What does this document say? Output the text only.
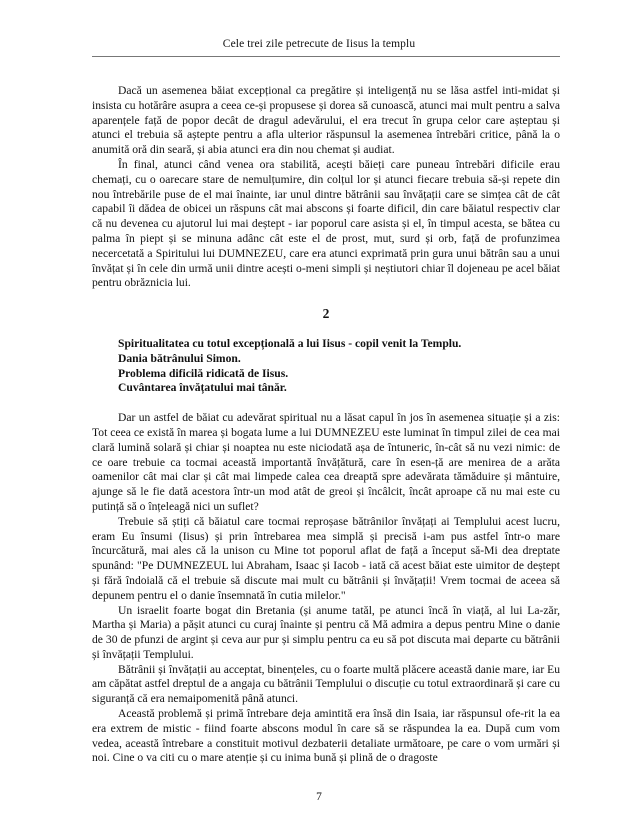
Cele trei zile petrecute de Iisus la templu

Dacă un asemenea băiat excepțional ca pregătire și inteligență nu se lăsa astfel inti-midat și insista cu hotărâre asupra a ceea ce-și propusese și dorea să cunoască, atunci mai mult pentru a salva aparențele față de popor decât de dragul adevărului, el era trecut în grupa celor care așteptau și atunci el trebuia să aștepte pentru a afla ulterior răspunsul la asemenea întrebări critice, până la o anumită oră din seară, și abia atunci era din nou chemat și audiat.

În final, atunci când venea ora stabilită, acești băieți care puneau întrebări dificile erau chemați, cu o oarecare stare de nemulțumire, din colțul lor și atunci fiecare trebuia să-și repete din nou întrebările puse de el mai înainte, iar unul dintre bătrânii sau învățații care se simțea cât de cât capabil îi dădea de obicei un răspuns cât mai abscons și foarte dificil, din care băiatul respectiv clar că nu devenea cu ajutorul lui mai deștept - iar poporul care asista și el, în timpul acesta, se bătea cu palma în piept și se minuna adânc cât este el de prost, mut, surd și orb, față de profunzimea necercetată a Spiritului lui DUMNEZEU, care era atunci exprimată prin gura unui bătrân sau a unui învățat și în cele din urmă unii dintre acești o-meni simpli și neștiutori chiar îl dojeneau pe acel băiat pentru obrăznicia lui.

2
Spiritualitatea cu totul excepțională a lui Iisus - copil venit la Templu.
Dania bătrânului Simon.
Problema dificilă ridicată de Iisus.
Cuvântarea învățatului mai tânăr.

Dar un astfel de băiat cu adevărat spiritual nu a lăsat capul în jos în asemenea situație și a zis: Tot ceea ce există în marea și bogata lume a lui DUMNEZEU este luminat în timpul zilei de cea mai clară lumină solară și chiar și noaptea nu este niciodată așa de întuneric, în-cât să nu vezi nimic: de ce oare trebuie ca tocmai această importantă învățătură, care în esen-ță are menirea de a arăta oamenilor cât mai clar și cât mai limpede calea cea dreaptă spre adevărata tămăduire și mântuire, ajunge să le fie dată acestora într-un mod atât de greoi și încâlcit, încât aproape că nu mai este cu putință să o înțeleagă nici un suflet?

Trebuie să știți că băiatul care tocmai reproșase bătrânilor învățați ai Templului acest lucru, eram Eu însumi (Iisus) și prin întrebarea mea simplă și precisă i-am pus astfel într-o mare încurcătură, mai ales că la unison cu Mine tot poporul aflat de față a început să-Mi dea dreptate spunând: "Pe DUMNEZEUL lui Abraham, Isaac și Iacob - iată că acest băiat este uimitor de deștept și fără îndoială că el trebuie să discute mai mult cu bătrânii și învățații! Vrem tocmai de aceea să depunem pentru el o danie însemnată în cutia milelor."

Un israelit foarte bogat din Bretania (și anume tatăl, pe atunci încă în viață, al lui La-zăr, Martha și Maria) a pășit atunci cu curaj înainte și pentru că Mă admira a depus pentru Mine o danie de 30 de pfunzi de argint și ceva aur pur și simplu pentru ca eu să pot discuta mai departe cu bătrânii și învățații Templului.

Bătrânii și învățații au acceptat, binențeles, cu o foarte multă plăcere această danie mare, iar Eu am căpătat astfel dreptul de a angaja cu bătrânii Templului o discuție cu totul extraordinară și care cu siguranță că era nemaipomenită până atunci.

Această problemă și primă întrebare deja amintită era însă din Isaia, iar răspunsul ofe-rit la ea era extrem de mistic - fiind foarte abscons modul în care să se răspundea la ea. După cum vom vedea, această întrebare a constituit motivul dezbaterii detaliate următoare, pe care o vom urmări și noi. Cine o va citi cu o mare atenție și cu inima bună și plină de o dragoste

7
